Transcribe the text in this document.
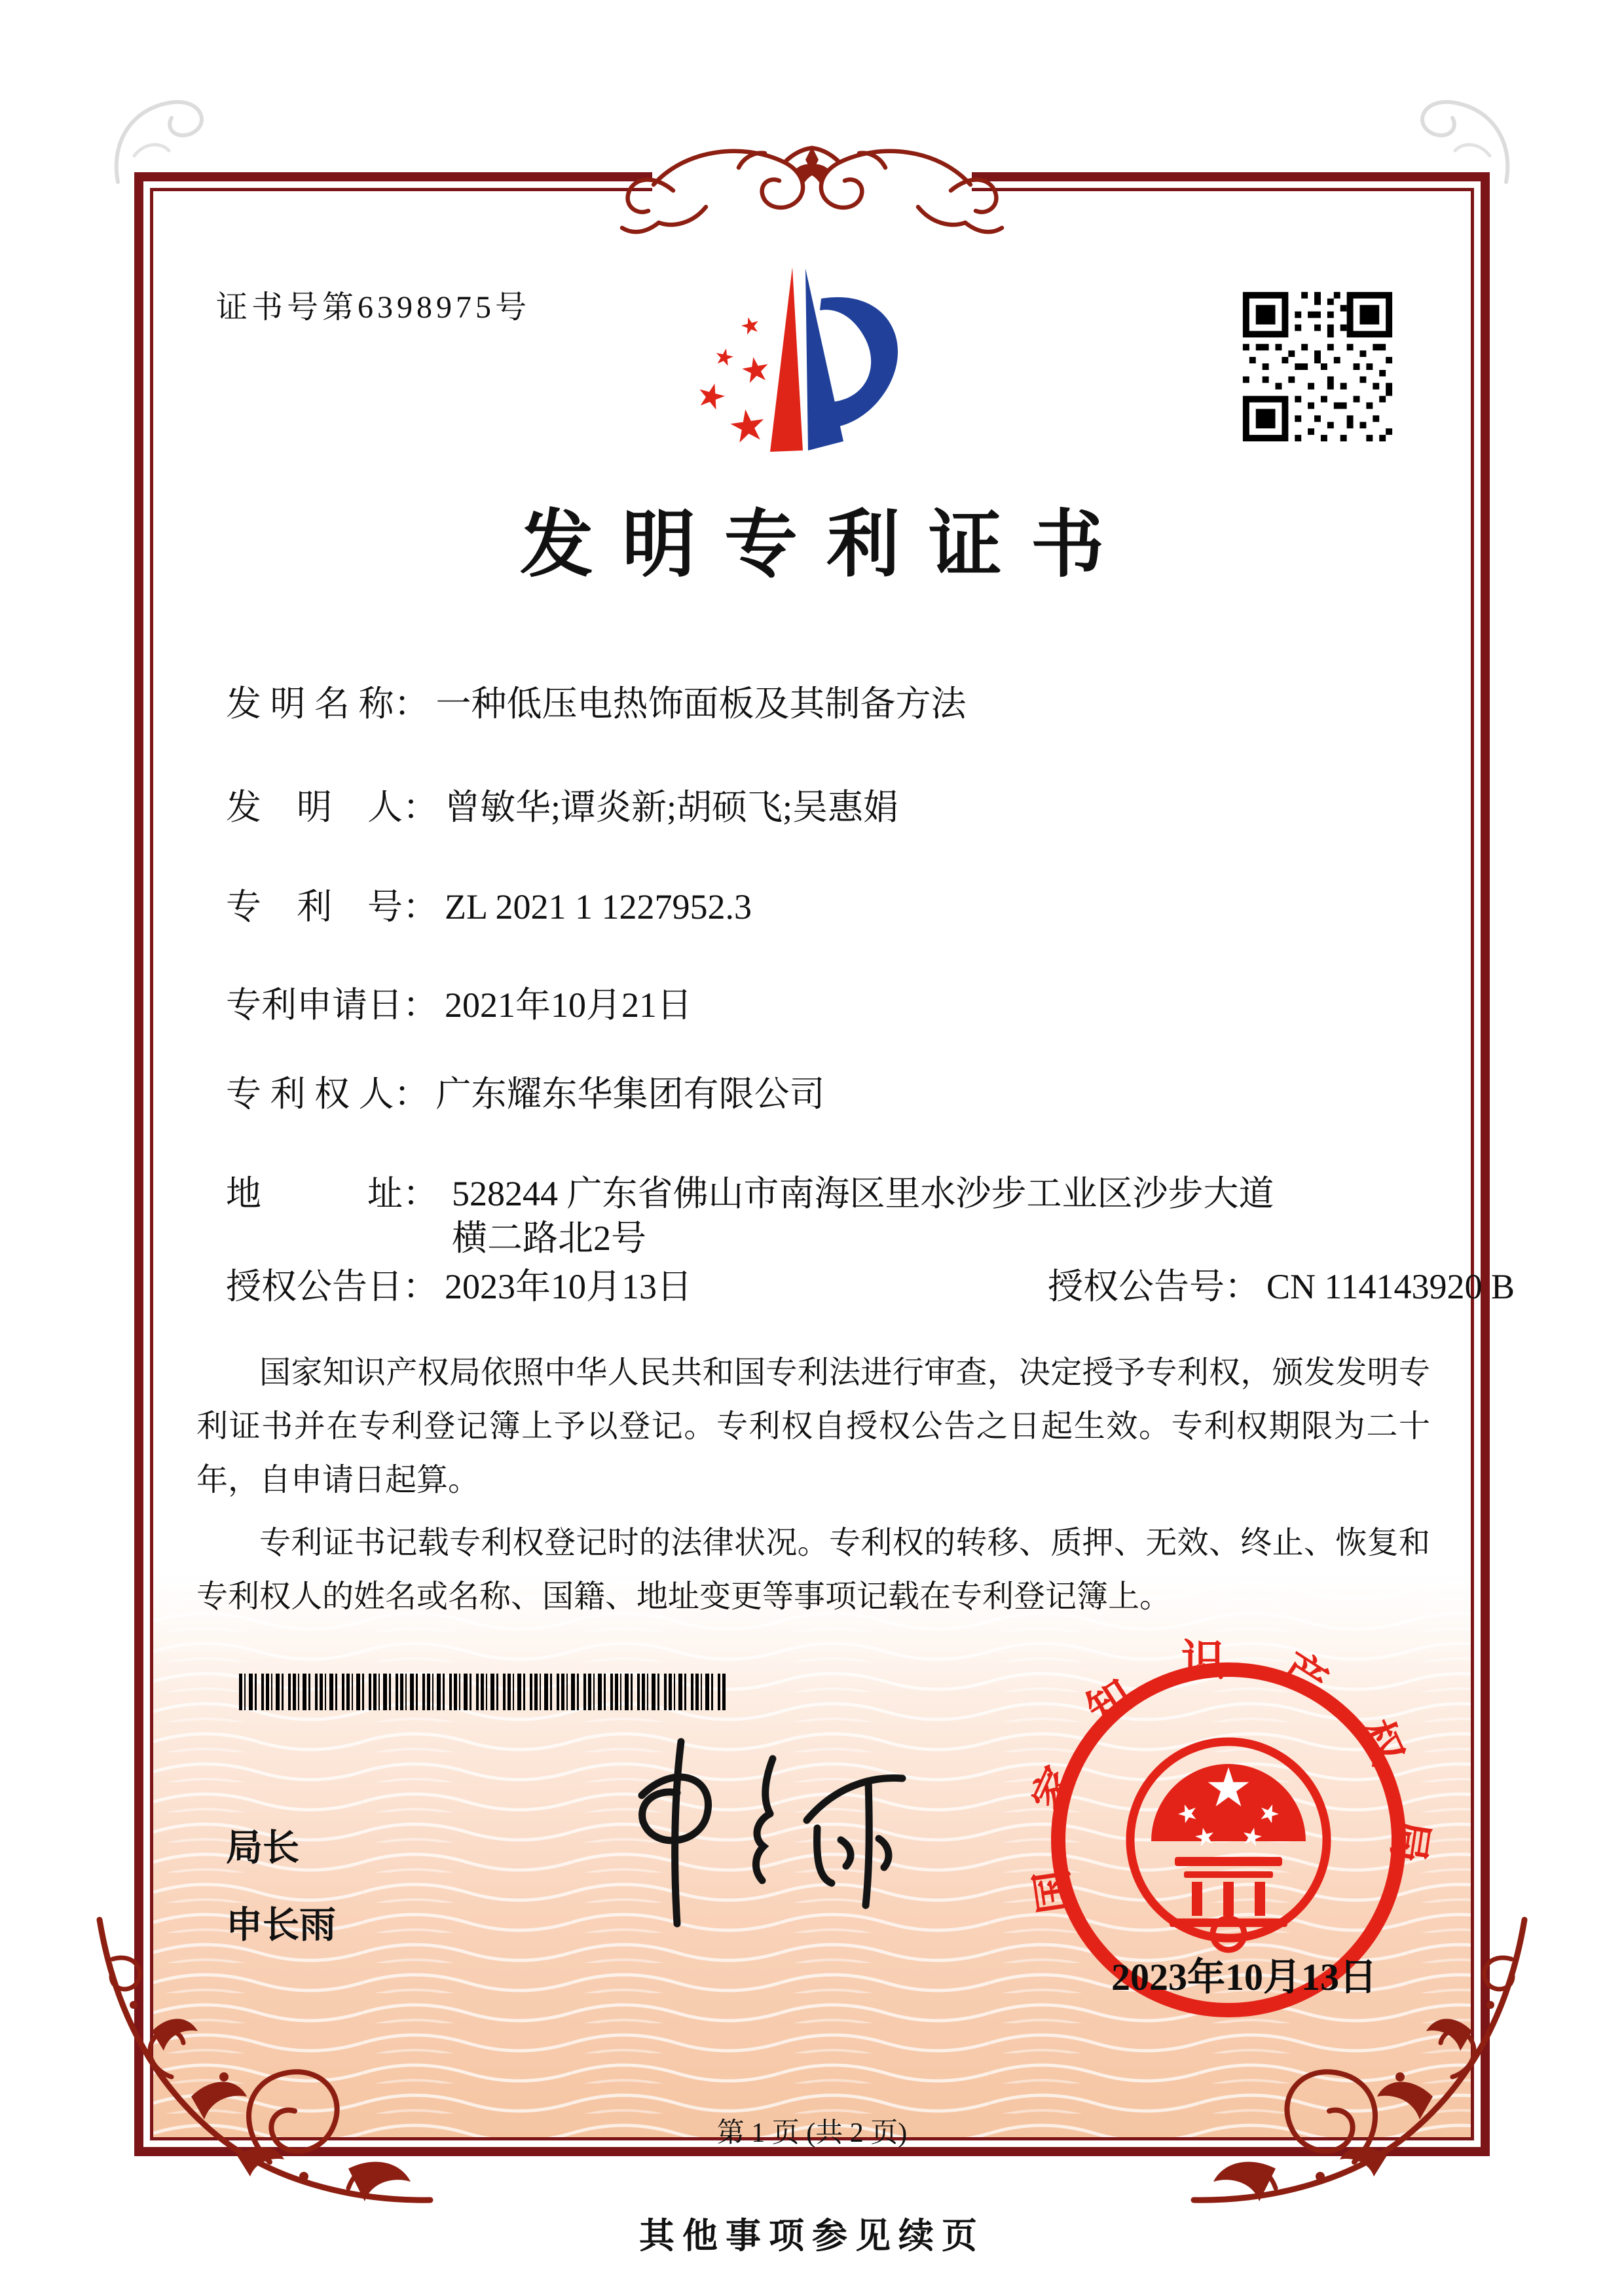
证书号第6398975号
发明专利证书
发 明 名 称： 一种低压电热饰面板及其制备方法
发　明　人： 曾敏华;谭炎新;胡硕飞;吴惠娟
专　利　号： ZL 2021 1 1227952.3
专利申请日： 2021年10月21日
专 利 权 人： 广东耀东华集团有限公司
地　　　址： 528244 广东省佛山市南海区里水沙步工业区沙步大道
横二路北2号
授权公告日： 2023年10月13日	授权公告号： CN 114143920 B

国家知识产权局依照中华人民共和国专利法进行审查，决定授予专利权，颁发发明专利证书并在专利登记簿上予以登记。专利权自授权公告之日起生效。专利权期限为二十年，自申请日起算。

专利证书记载专利权登记时的法律状况。专利权的转移、质押、无效、终止、恢复和专利权人的姓名或名称、国籍、地址变更等事项记载在专利登记簿上。

局长
申长雨
国家知识产权局
2023年10月13日
第 1 页 (共 2 页)
其他事项参见续页
